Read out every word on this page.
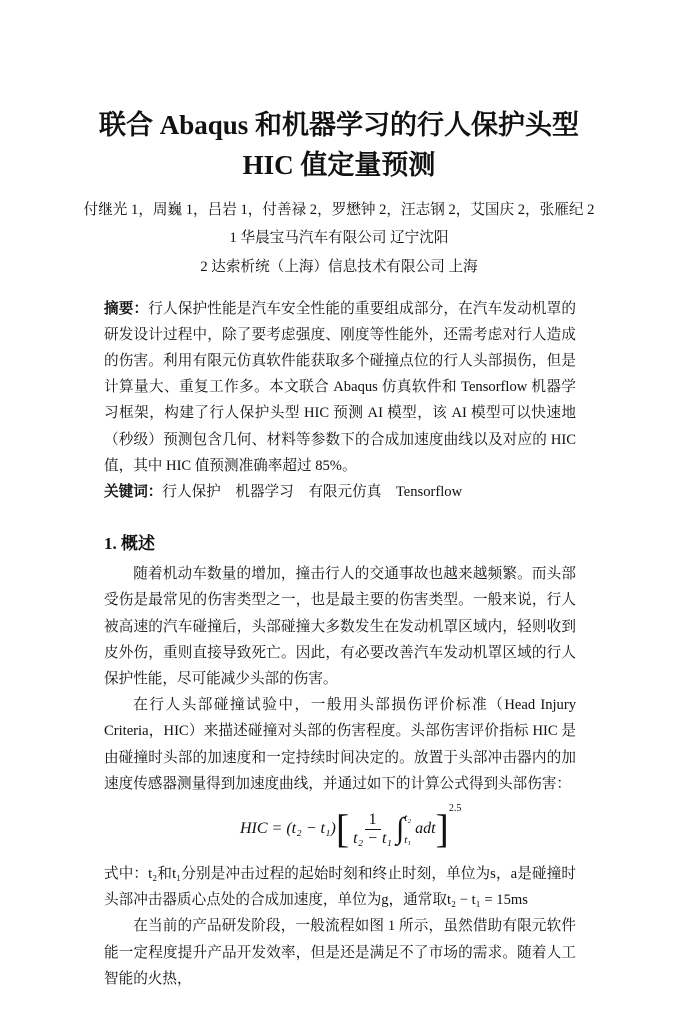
联合 Abaqus 和机器学习的行人保护头型
HIC 值定量预测
付继光 1，周巍 1，吕岩 1，付善禄 2，罗懋钟 2，汪志钢 2，艾国庆 2，张雁纪 2
1 华晨宝马汽车有限公司 辽宁沈阳
2 达索析统（上海）信息技术有限公司 上海
摘要：行人保护性能是汽车安全性能的重要组成部分，在汽车发动机罩的研发设计过程中，除了要考虑强度、刚度等性能外，还需考虑对行人造成的伤害。利用有限元仿真软件能获取多个碰撞点位的行人头部损伤，但是计算量大、重复工作多。本文联合 Abaqus 仿真软件和 Tensorflow 机器学习框架，构建了行人保护头型 HIC 预测 AI 模型，该 AI 模型可以快速地（秒级）预测包含几何、材料等参数下的合成加速度曲线以及对应的 HIC 值，其中 HIC 值预测准确率超过 85%。
关键词：行人保护　机器学习　有限元仿真　Tensorflow
1. 概述
随着机动车数量的增加，撞击行人的交通事故也越来越频繁。而头部受伤是最常见的伤害类型之一，也是最主要的伤害类型。一般来说，行人被高速的汽车碰撞后，头部碰撞大多数发生在发动机罩区域内，轻则收到皮外伤，重则直接导致死亡。因此，有必要改善汽车发动机罩区域的行人保护性能，尽可能减少头部的伤害。
在行人头部碰撞试验中，一般用头部损伤评价标准（Head Injury Criteria，HIC）来描述碰撞对头部的伤害程度。头部伤害评价指标 HIC 是由碰撞时头部的加速度和一定持续时间决定的。放置于头部冲击器内的加速度传感器测量得到加速度曲线，并通过如下的计算公式得到头部伤害：
HIC = (t₂ − t₁) [ $\frac{1}{\text{t₂ − t₁}}$ ∫ t₂
t₁
adt ] 2.5
式中：t₂和t₁分别是冲击过程的起始时刻和终止时刻，单位为s，a是碰撞时头部冲击器质心点处的合成加速度，单位为g，通常取t₂ − t₁ = 15ms
在当前的产品研发阶段，一般流程如图 1 所示，虽然借助有限元软件能一定程度提升产品开发效率，但是还是满足不了市场的需求。随着人工智能的火热，
